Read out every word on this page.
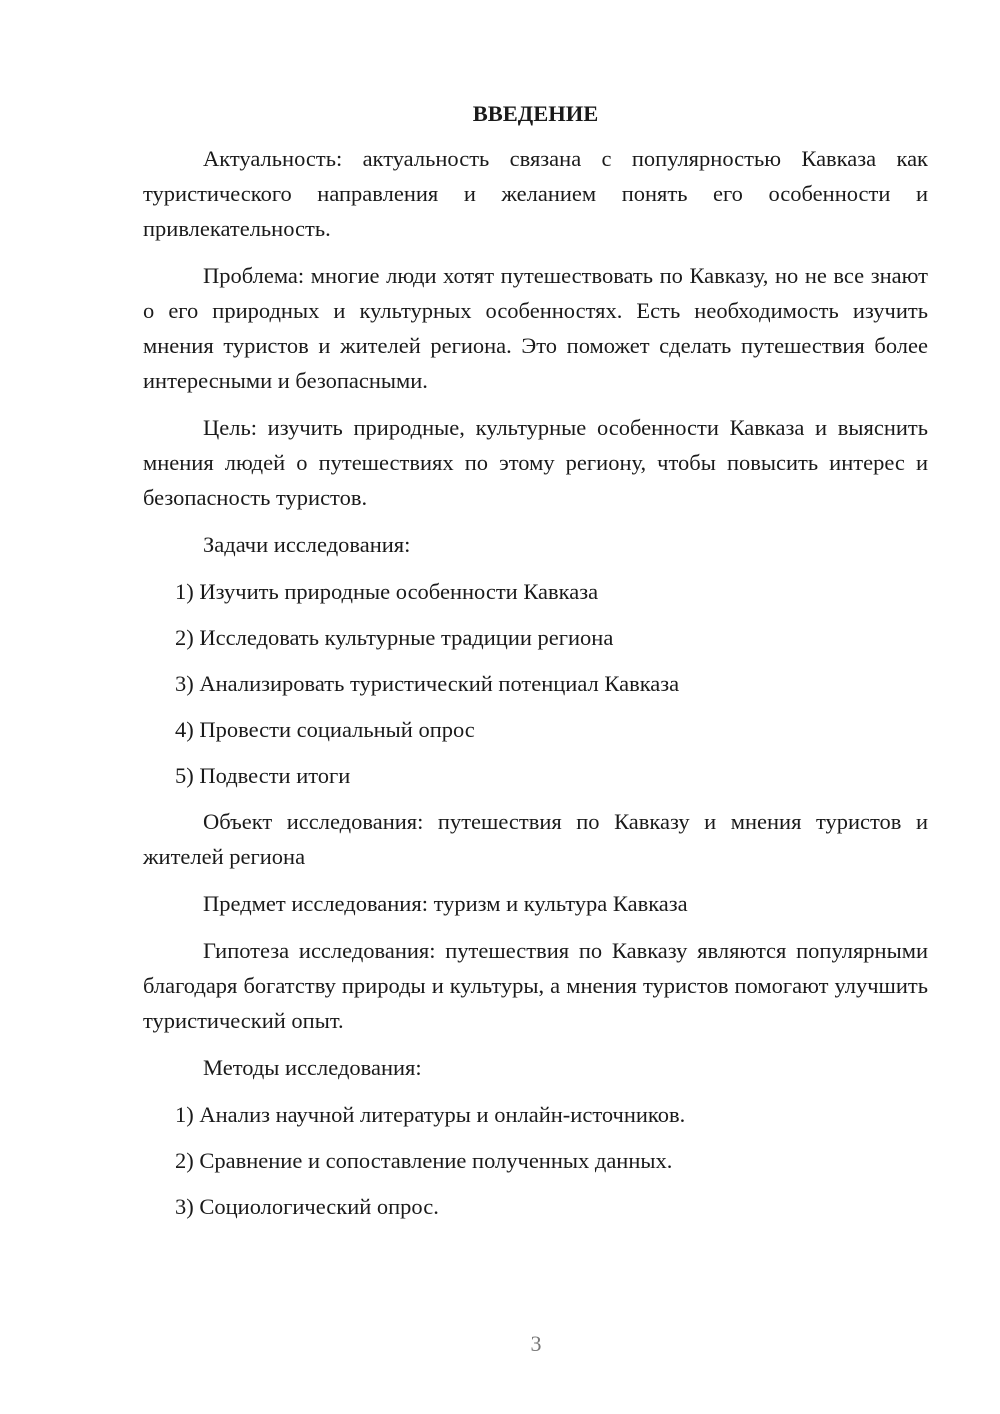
ВВЕДЕНИЕ

Актуальность: актуальность связана с популярностью Кавказа как туристического направления и желанием понять его особенности и привлекательность.

Проблема: многие люди хотят путешествовать по Кавказу, но не все знают о его природных и культурных особенностях. Есть необходимость изучить мнения туристов и жителей региона. Это поможет сделать путешествия более интересными и безопасными.

Цель: изучить природные, культурные особенности Кавказа и выяснить мнения людей о путешествиях по этому региону, чтобы повысить интерес и безопасность туристов.

Задачи исследования:

1) Изучить природные особенности Кавказа
2) Исследовать культурные традиции региона
3) Анализировать туристический потенциал Кавказа
4) Провести социальный опрос
5) Подвести итоги

Объект исследования: путешествия по Кавказу и мнения туристов и жителей региона

Предмет исследования: туризм и культура Кавказа

Гипотеза исследования: путешествия по Кавказу являются популярными благодаря богатству природы и культуры, а мнения туристов помогают улучшить туристический опыт.

Методы исследования:

1) Анализ научной литературы и онлайн-источников.
2) Сравнение и сопоставление полученных данных.
3) Социологический опрос.
3
